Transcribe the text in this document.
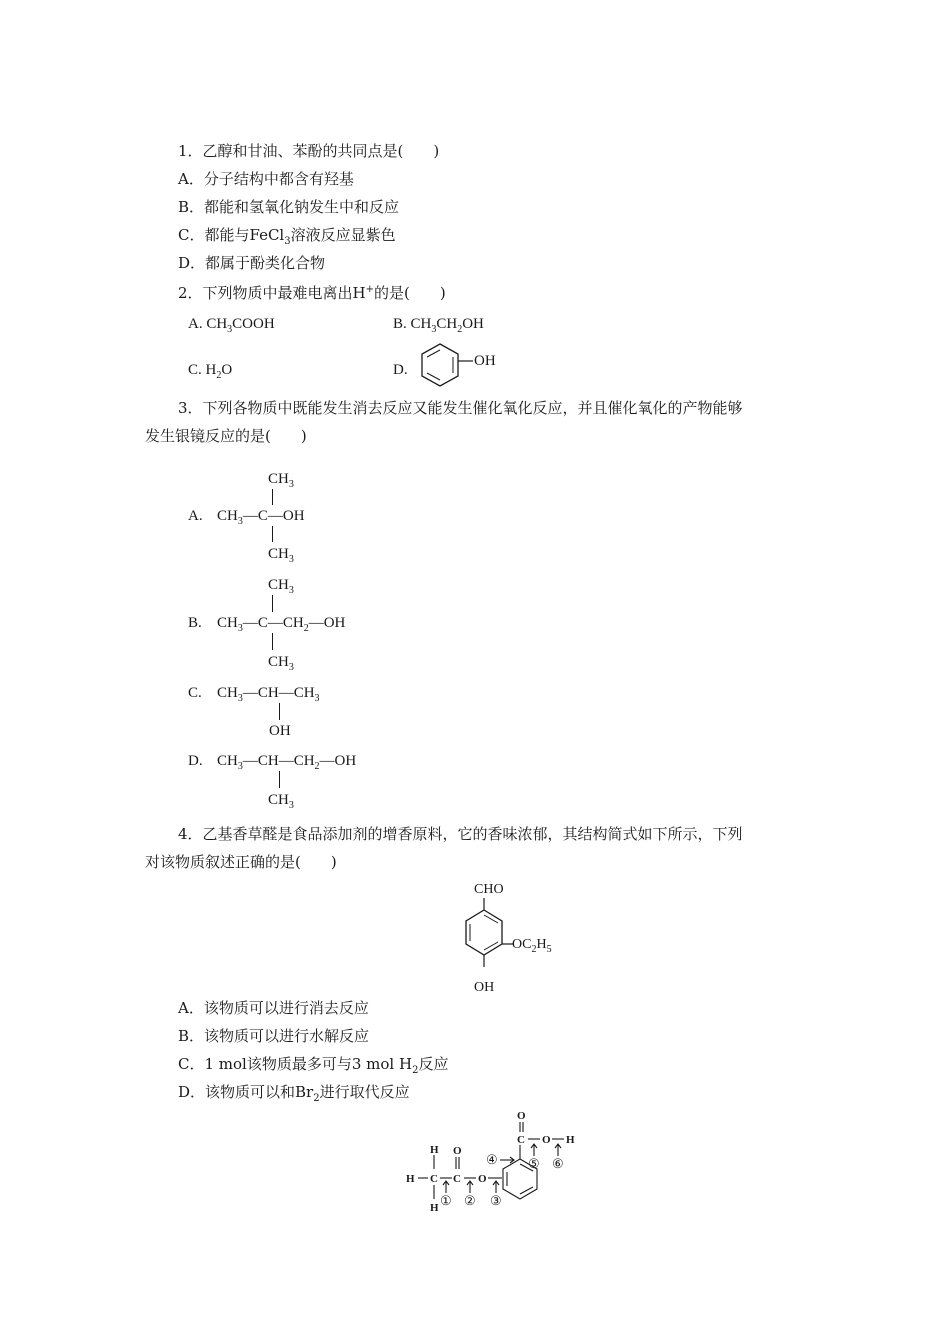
1．乙醇和甘油、苯酚的共同点是(　　)
A．分子结构中都含有羟基
B．都能和氢氧化钠发生中和反应
C．都能与FeCl$_3$溶液反应显紫色
D．都属于酚类化合物
2．下列物质中最难电离出H+的是(　　)
A. $CH_3COOH$	B. $CH_3CH_2OH$
C. $H_2O$	D.
OH
3．下列各物质中既能发生消去反应又能发生催化氧化反应，并且催化氧化的产物能够
发生银镜反应的是(　　)
A.
$CH_3$
$CH_3—C—OH$
$CH_3$
B.
$CH_3$
$CH_3—C—CH_2—OH$
$CH_3$
C. $CH_3—CH—CH_3$
OH
D. $CH_3—CH—CH_2—OH$
$CH_3$
4．乙基香草醛是食品添加剂的增香原料，它的香味浓郁，其结构简式如下所示，下列
对该物质叙述正确的是(　　)
CHO
$OC_2H_5$
OH
A．该物质可以进行消去反应
B．该物质可以进行水解反应
C．1 mol该物质最多可与3 mol $H_2$反应
D．该物质可以和$Br_2$进行取代反应
H
H
H
C
O
C O
O
C O H
① ② ③
④ ⑤ ⑥
